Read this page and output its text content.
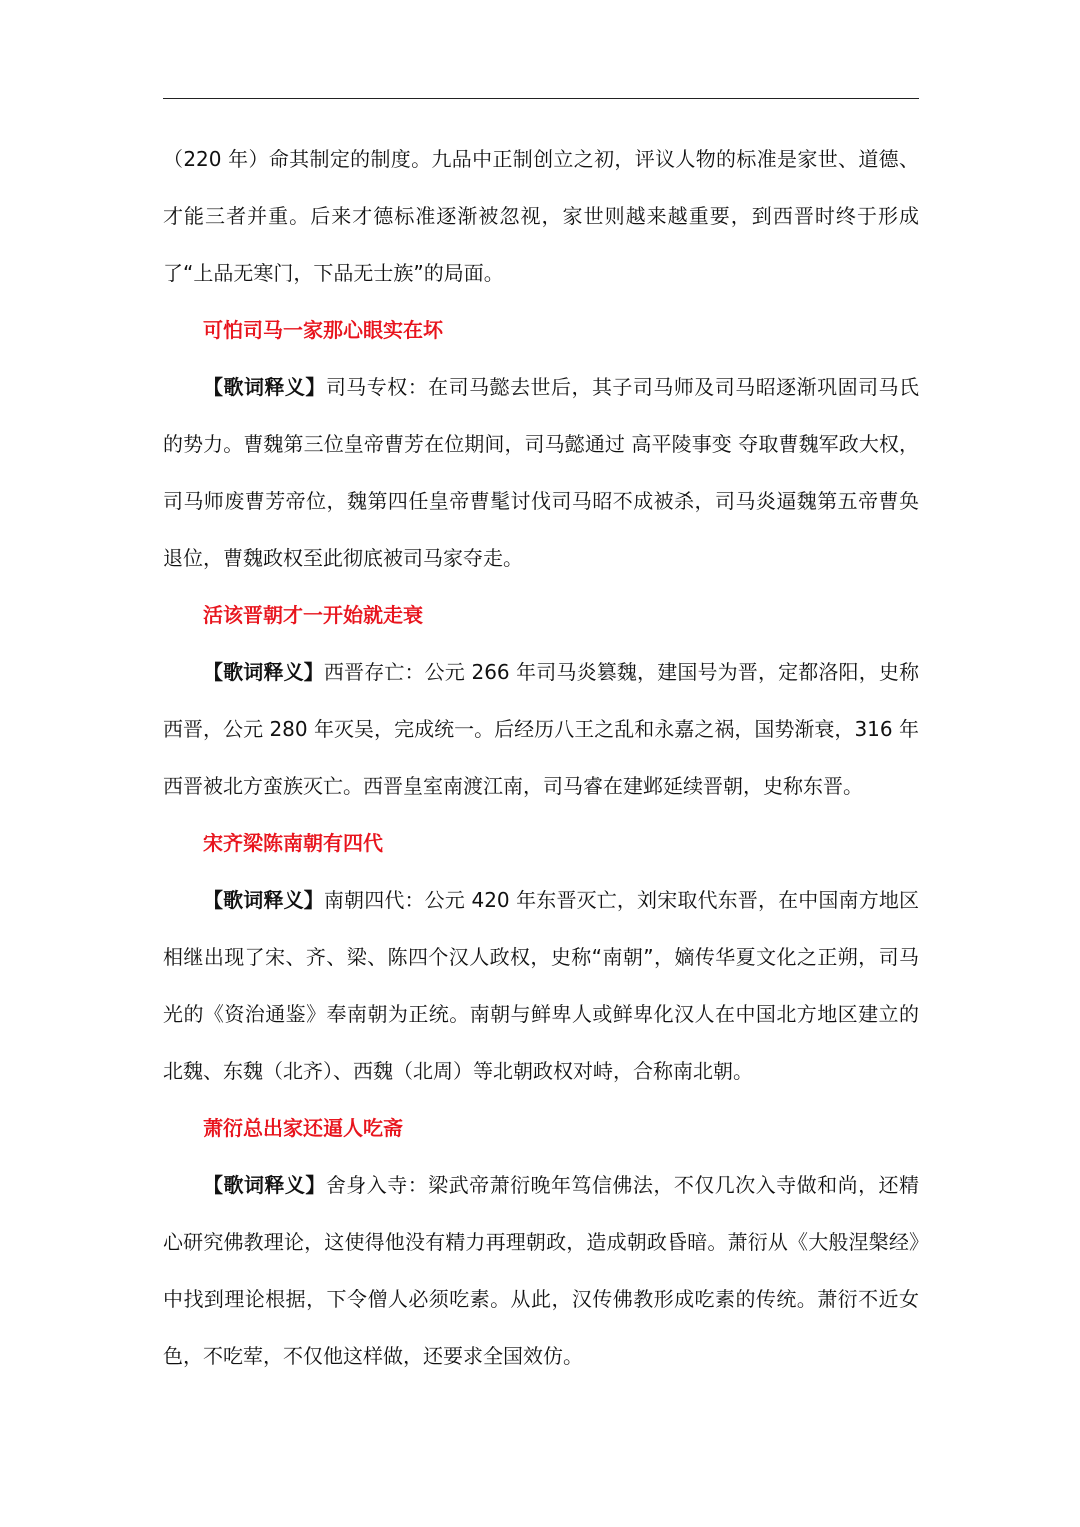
（220 年）命其制定的制度。九品中正制创立之初，评议人物的标准是家世、道德、才能三者并重。后来才德标准逐渐被忽视，家世则越来越重要，到西晋时终于形成了“上品无寒门，下品无士族”的局面。

可怕司马一家那心眼实在坏

【歌词释义】司马专权：在司马懿去世后，其子司马师及司马昭逐渐巩固司马氏的势力。曹魏第三位皇帝曹芳在位期间，司马懿通过 高平陵事变 夺取曹魏军政大权，司马师废曹芳帝位，魏第四任皇帝曹髦讨伐司马昭不成被杀，司马炎逼魏第五帝曹奂退位，曹魏政权至此彻底被司马家夺走。

活该晋朝才一开始就走衰

【歌词释义】西晋存亡：公元 266 年司马炎篡魏，建国号为晋，定都洛阳，史称西晋，公元 280 年灭吴，完成统一。后经历八王之乱和永嘉之祸，国势渐衰，316 年西晋被北方蛮族灭亡。西晋皇室南渡江南，司马睿在建邺延续晋朝，史称东晋。

宋齐梁陈南朝有四代

【歌词释义】南朝四代：公元 420 年东晋灭亡，刘宋取代东晋，在中国南方地区相继出现了宋、齐、梁、陈四个汉人政权，史称“南朝”，嫡传华夏文化之正朔，司马光的《资治通鉴》奉南朝为正统。南朝与鲜卑人或鲜卑化汉人在中国北方地区建立的北魏、东魏（北齐）、西魏（北周）等北朝政权对峙，合称南北朝。

萧衍总出家还逼人吃斋

【歌词释义】舍身入寺：梁武帝萧衍晚年笃信佛法，不仅几次入寺做和尚，还精心研究佛教理论，这使得他没有精力再理朝政，造成朝政昏暗。萧衍从《大般涅槃经》中找到理论根据，下令僧人必须吃素。从此，汉传佛教形成吃素的传统。萧衍不近女色，不吃荤，不仅他这样做，还要求全国效仿。
